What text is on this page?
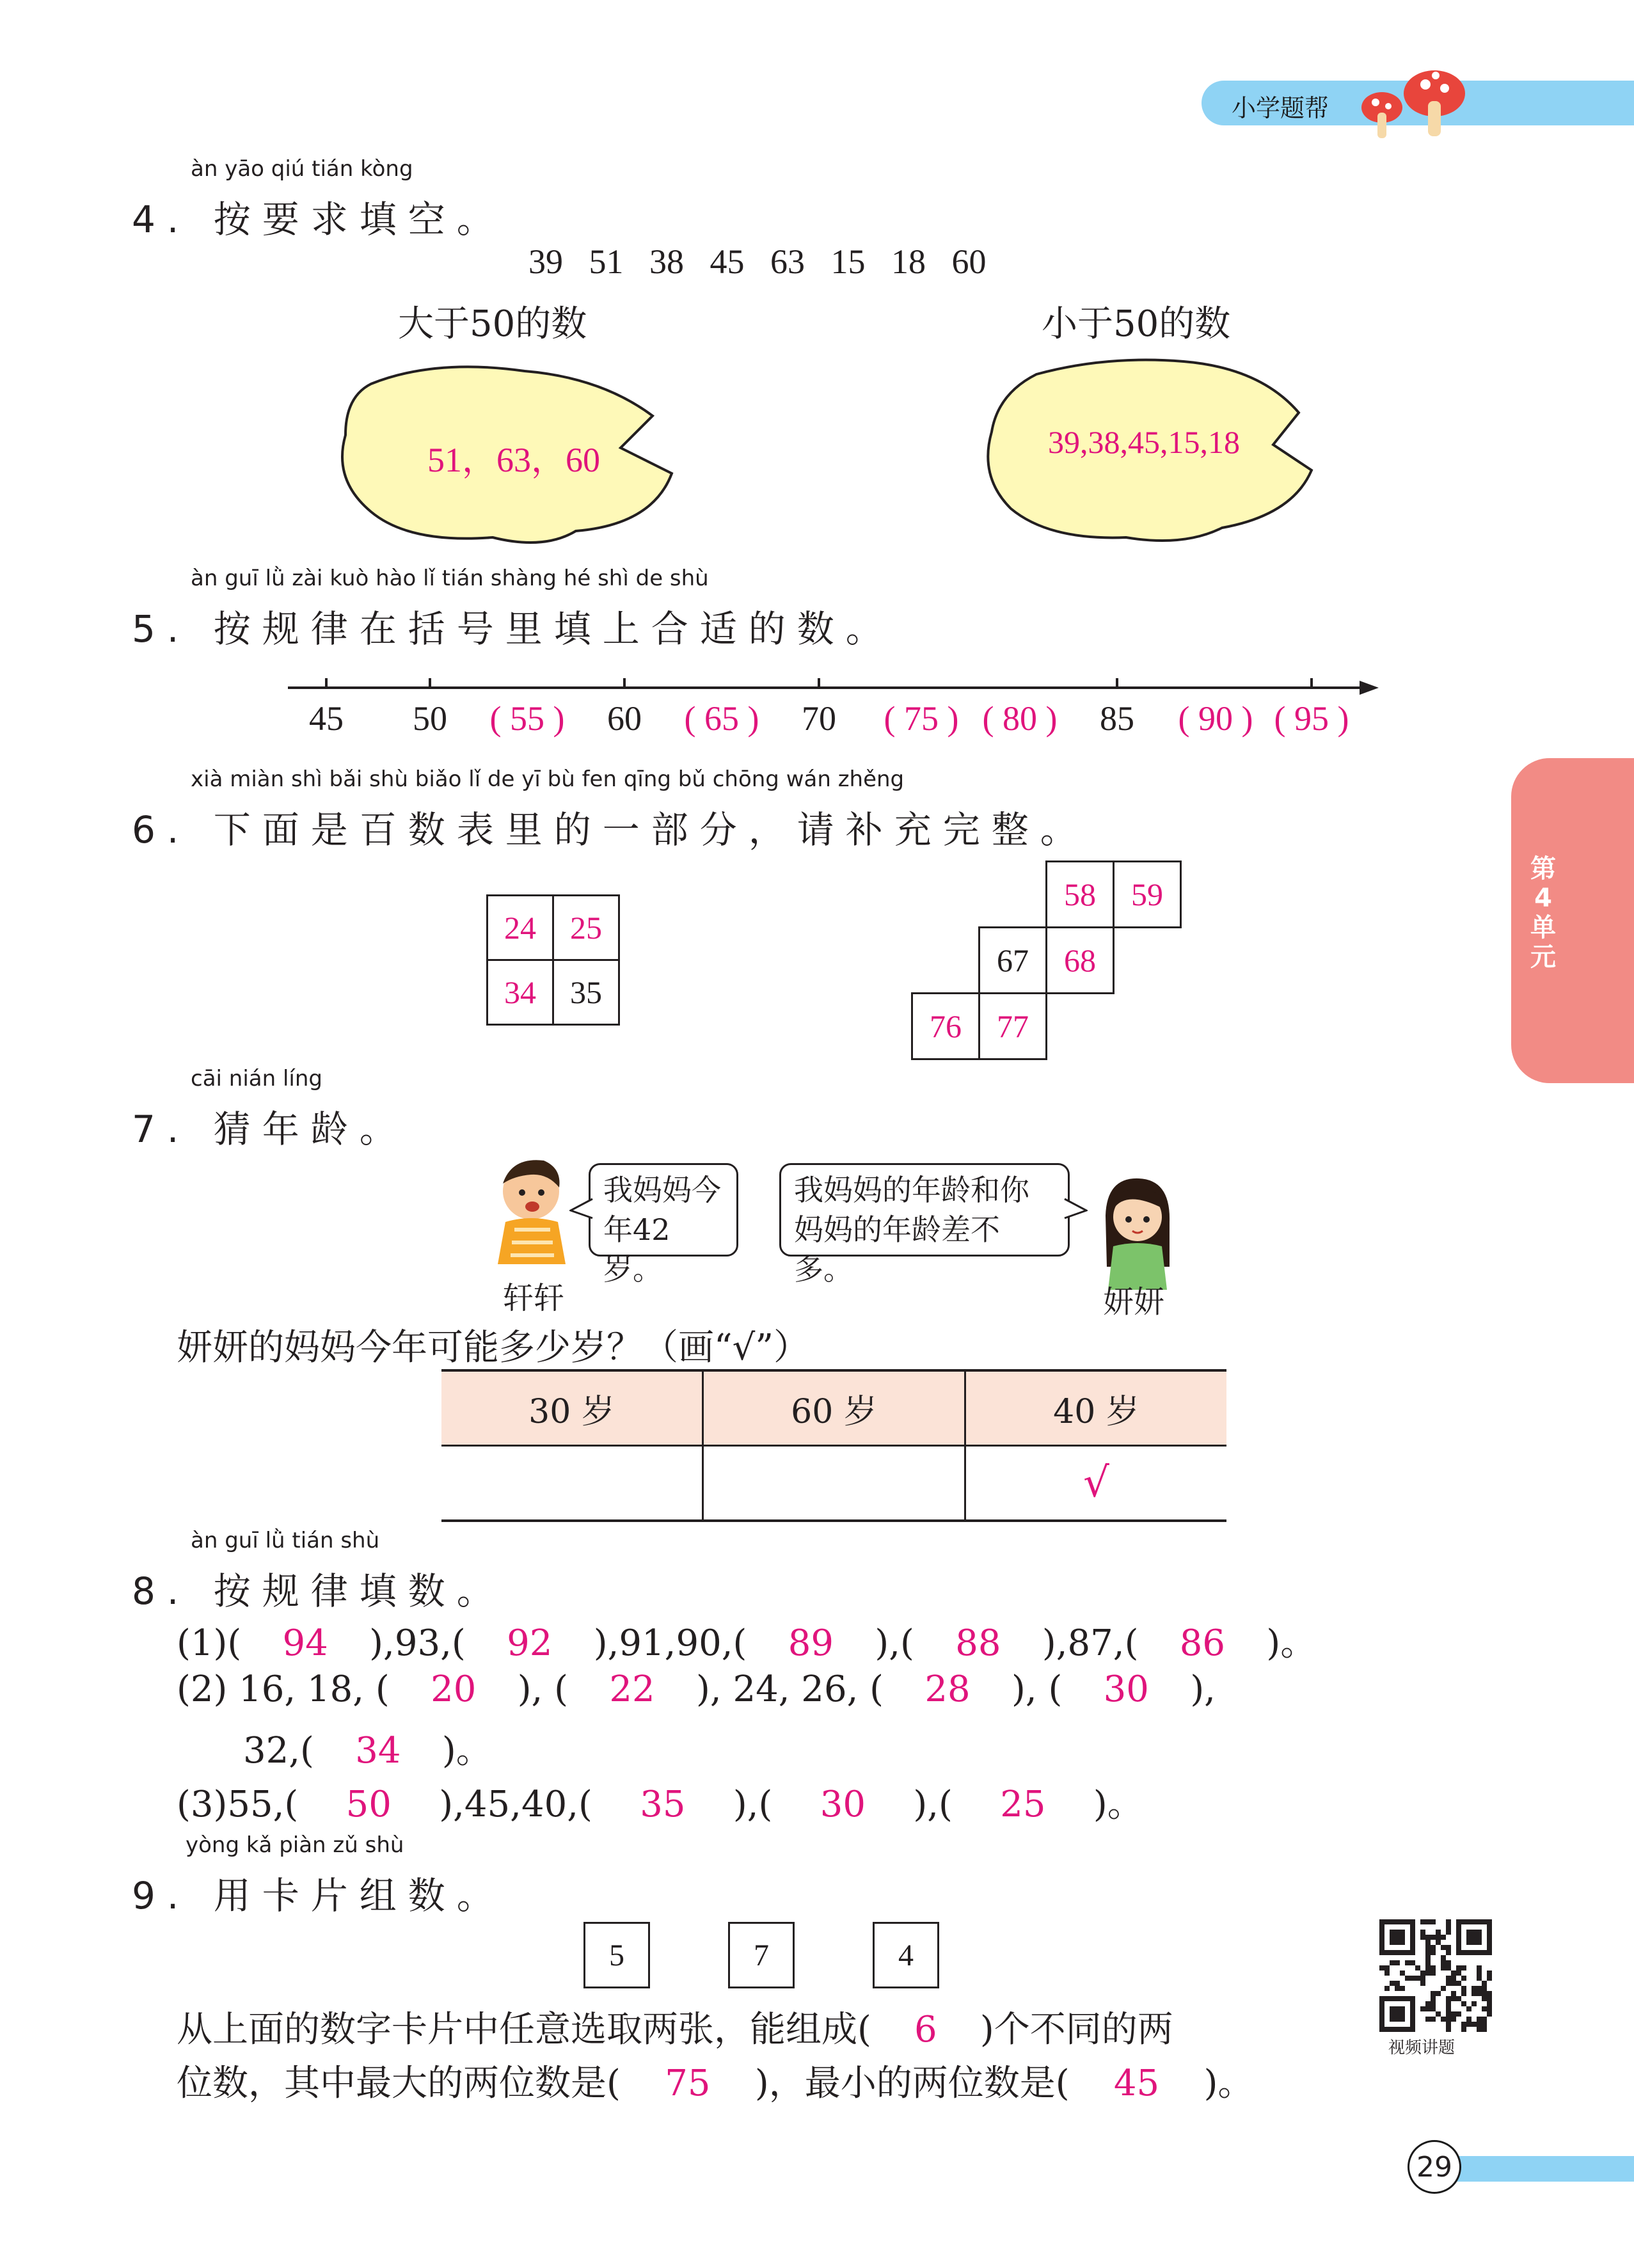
小学题帮
第4单元
àn yāo qiú tián kòng
4. 按要求填空。
39   51   38   45   63   15   18   60
大于50的数	小于50的数
51，63，60	39,38,45,15,18
àn guī lǜ zài kuò hào lǐ tián shàng hé shì de shù
5. 按规律在括号里填上合适的数。
45	50	( 55 )	60	( 65 )	70	( 75 ) ( 80 )	85	( 90 ) ( 95 )
xià miàn shì bǎi shù biǎo lǐ de yī bù fen qīng bǔ chōng wán zhěng
6. 下面是百数表里的一部分，请补充完整。
24	25
34	35
58	59
67	68
76	77
cāi nián líng
7. 猜年龄。
我妈妈今
年42岁。
轩轩
我妈妈的年龄和你
妈妈的年龄差不多。
妍妍
妍妍的妈妈今年可能多少岁？（画“√”）
30 岁	60 岁	40 岁
		√
àn guī lǜ tián shù
8. 按规律填数。
(1)( 94 ),93,( 92 ),91,90,( 89 ),( 88 ),87,( 86 )。
(2) 16, 18, ( 20 ), ( 22 ), 24, 26, ( 28 ), ( 30 ),
32,( 34 )。
(3)55,( 50 ),45,40,( 35 ),( 30 ),( 25 )。
yòng kǎ piàn zǔ shù
9. 用卡片组数。
5	7	4
从上面的数字卡片中任意选取两张，能组成( 6 )个不同的两
位数，其中最大的两位数是( 75 )，最小的两位数是( 45 )。
视频讲题
29
